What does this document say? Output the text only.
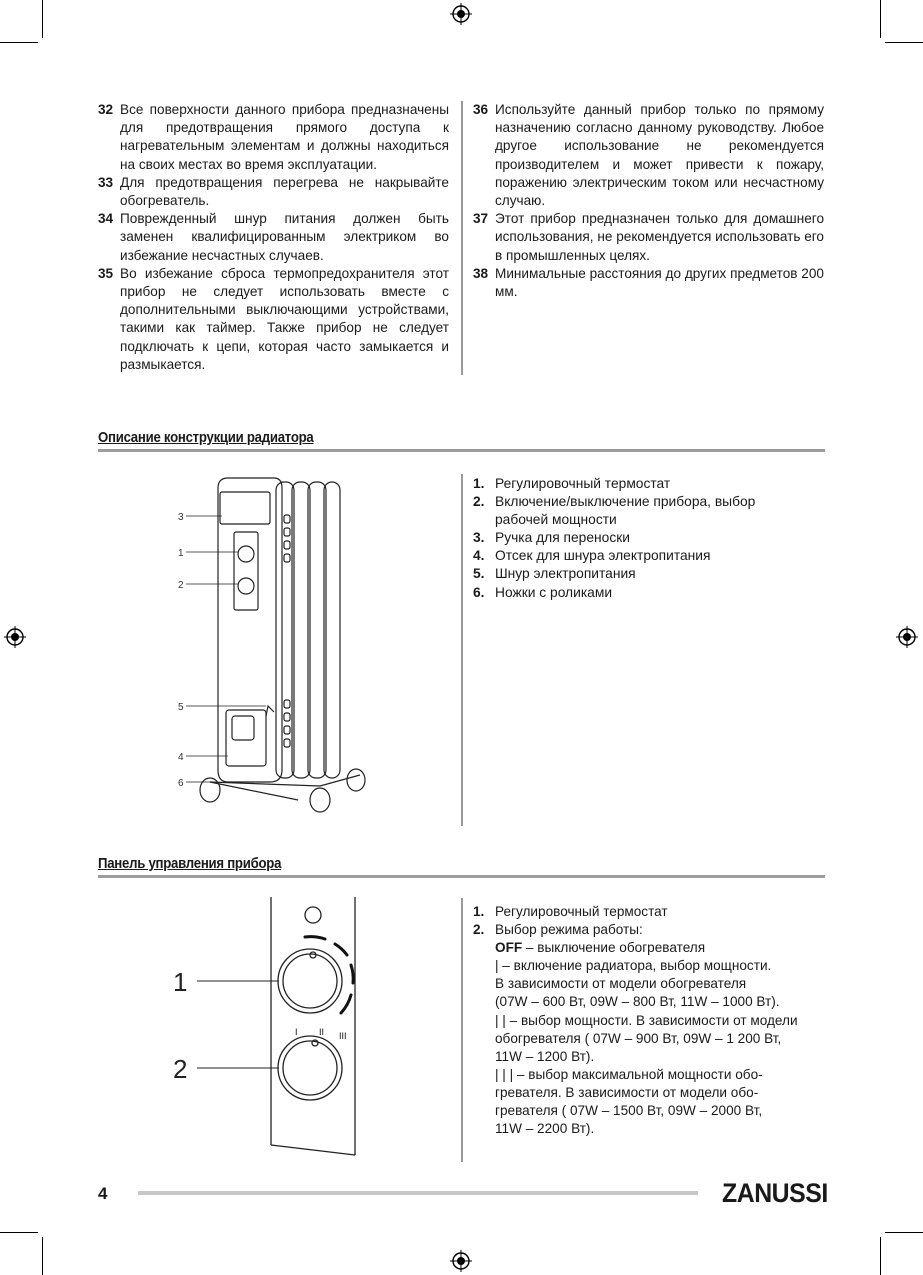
32 Все поверхности данного прибора предназначены для предотвращения прямого доступа к нагревательным элементам и должны находиться на своих местах во время эксплуатации.
33 Для предотвращения перегрева не накрывайте обогреватель.
34 Поврежденный шнур питания должен быть заменен квалифицированным электриком во избежание несчастных случаев.
35 Во избежание сброса термопредохранителя этот прибор не следует использовать вместе с дополнительными выключающими устройствами, такими как таймер. Также прибор не следует подключать к цепи, которая часто замыкается и размыкается.
36 Используйте данный прибор только по прямому назначению согласно данному руководству. Любое другое использование не рекомендуется производителем и может привести к пожару, поражению электрическим током или несчастному случаю.
37 Этот прибор предназначен только для домашнего использования, не рекомендуется использовать его в промышленных целях.
38 Минимальные расстояния до других предметов 200 мм.
Описание конструкции радиатора
3
1
2
5
4
6
1. Регулировочный термостат
2. Включение/выключение прибора, выбор рабочей мощности
3. Ручка для переноски
4. Отсек для шнура электропитания
5. Шнур электропитания
6. Ножки с роликами
Панель управления прибора
I II III
1
2
1. Регулировочный термостат
2. Выбор режима работы:
OFF – выключение обогревателя
| – включение радиатора, выбор мощности.
В зависимости от модели обогревателя
(07W – 600 Вт, 09W – 800 Вт, 11W – 1000 Вт).
| | – выбор мощности. В зависимости от модели
обогревателя ( 07W – 900 Вт, 09W – 1 200 Вт,
11W – 1200 Вт).
| | | – выбор максимальной мощности обо-
гревателя. В зависимости от модели обо-
гревателя ( 07W – 1500 Вт, 09W – 2000 Вт,
11W – 2200 Вт).
4	ZANUSSI
